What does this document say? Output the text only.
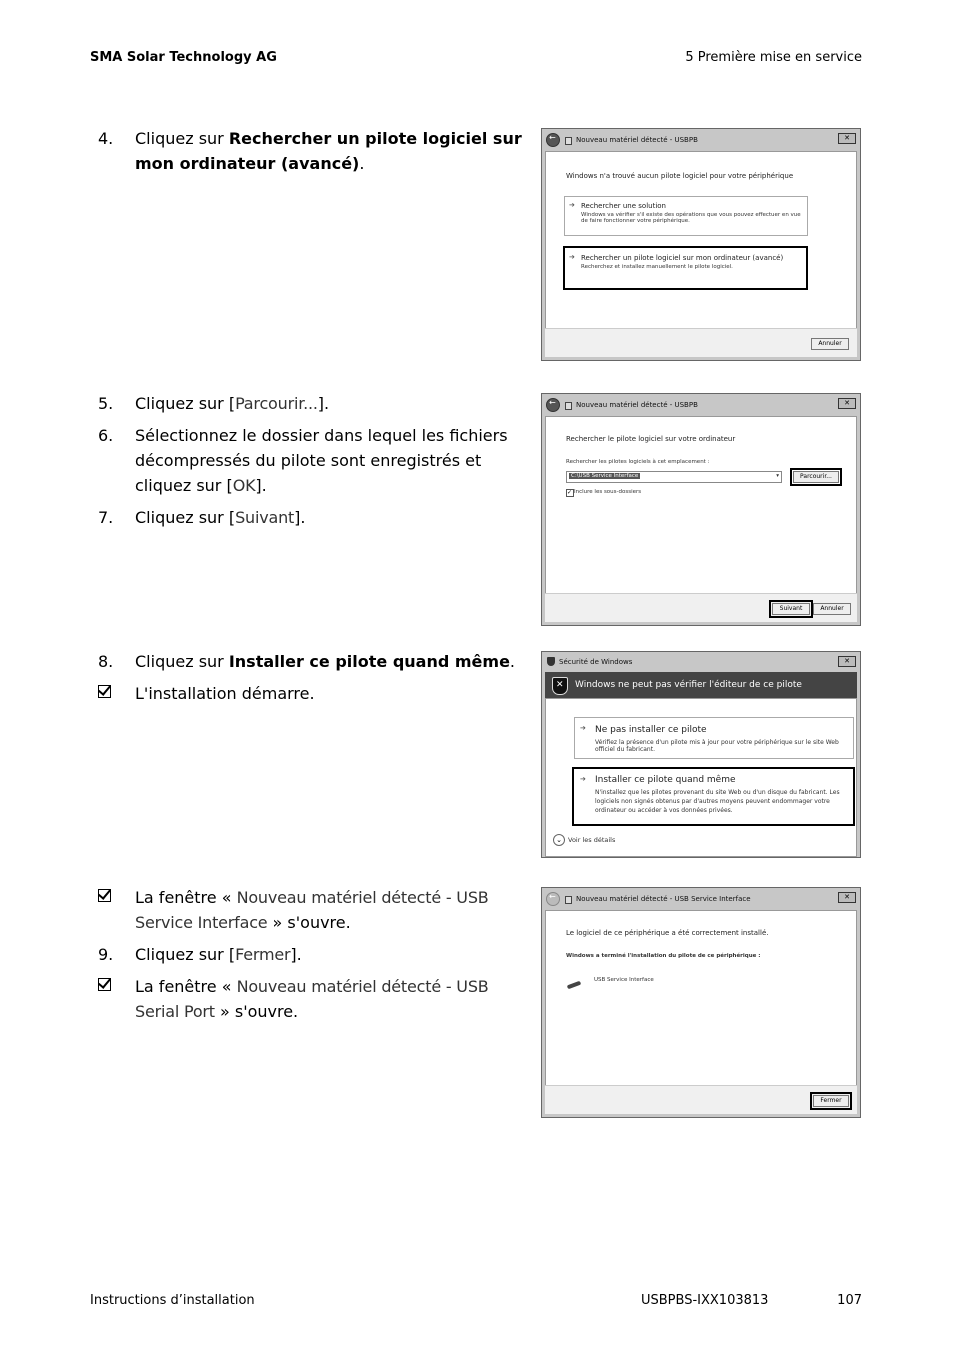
SMA Solar Technology AG	5 Première mise en service
4. Cliquez sur Rechercher un pilote logiciel sur mon ordinateur (avancé).
←
Nouveau matériel détecté - USBPB	✕
Windows n'a trouvé aucun pilote logiciel pour votre périphérique
➔ Rechercher une solution
Windows va vérifier s'il existe des opérations que vous pouvez effectuer en vue de faire fonctionner votre périphérique.
➔ Rechercher un pilote logiciel sur mon ordinateur (avancé)
Recherchez et installez manuellement le pilote logiciel.
Annuler
5. Cliquez sur [Parcourir...].
6. Sélectionnez le dossier dans lequel les fichiers décompressés du pilote sont enregistrés et cliquez sur [OK].
7. Cliquez sur [Suivant].
←
Nouveau matériel détecté - USBPB	✕
Rechercher le pilote logiciel sur votre ordinateur
Rechercher les pilotes logiciels à cet emplacement :
C:\USB Service Interface	▾	Parcourir...
✓ Inclure les sous-dossiers
Suivant	Annuler
8. Cliquez sur Installer ce pilote quand même.
L'installation démarre.
Sécurité de Windows	✕
✕
Windows ne peut pas vérifier l'éditeur de ce pilote
➔ Ne pas installer ce pilote
Vérifiez la présence d'un pilote mis à jour pour votre périphérique sur le site Web officiel du fabricant.
➔ Installer ce pilote quand même
N'installez que les pilotes provenant du site Web ou d'un disque du fabricant. Les logiciels non signés obtenus par d'autres moyens peuvent endommager votre ordinateur ou accéder à vos données privées.
⌄ Voir les détails
La fenêtre « Nouveau matériel détecté - USB Service Interface » s'ouvre.
9. Cliquez sur [Fermer].
La fenêtre « Nouveau matériel détecté - USB Serial Port » s'ouvre.
←
Nouveau matériel détecté - USB Service Interface	✕
Le logiciel de ce périphérique a été correctement installé.
Windows a terminé l'installation du pilote de ce périphérique :
USB Service Interface
Fermer
Instructions d’installation	USBPBS-IXX103813	107
